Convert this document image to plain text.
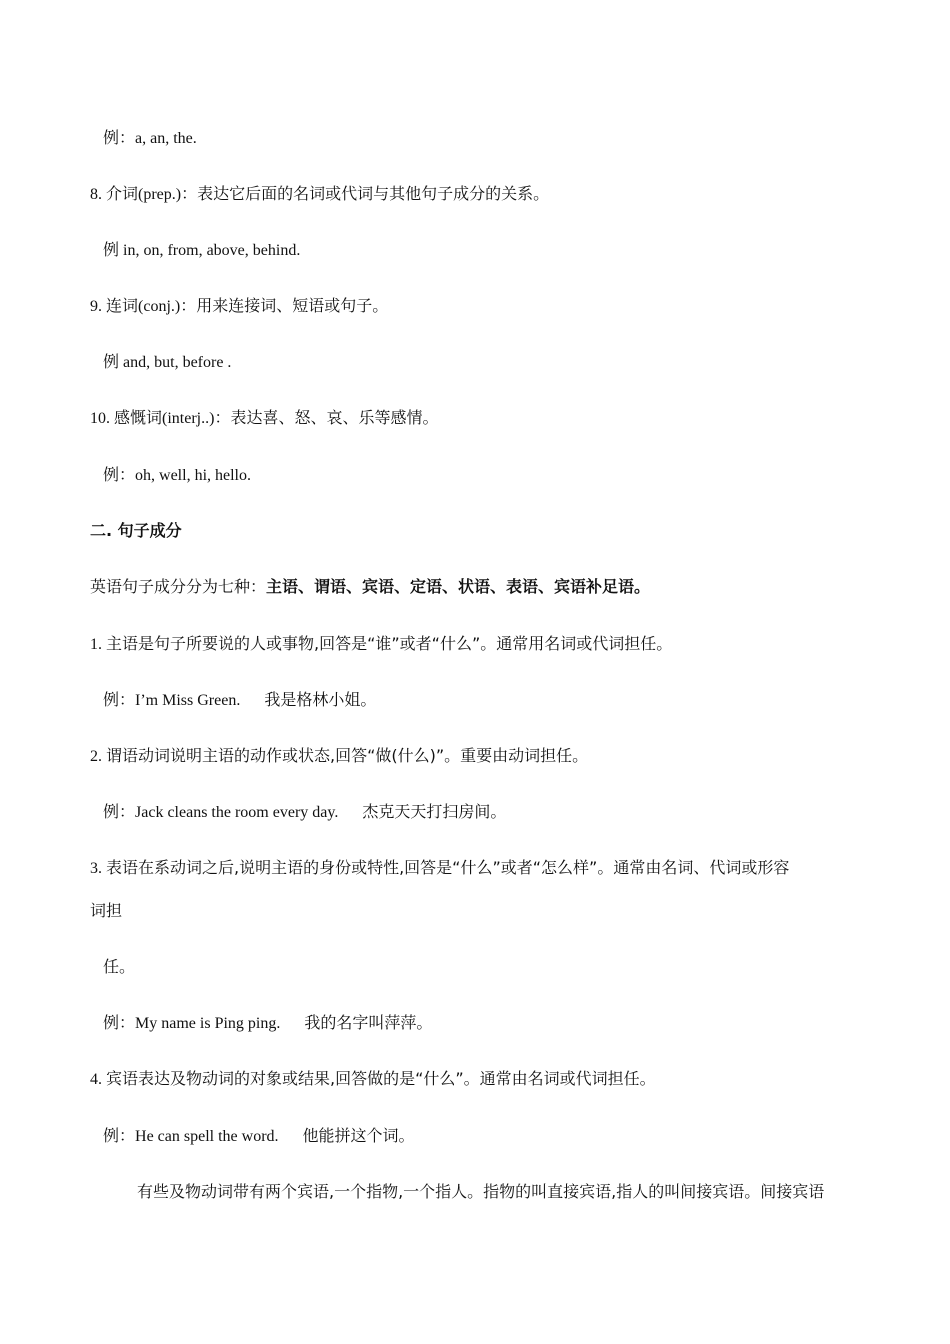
例：a, an, the.
8. 介词(prep.)：表达它后面的名词或代词与其他句子成分的关系。
例 in, on, from, above, behind.
9. 连词(conj.)：用来连接词、短语或句子。
例 and, but, before .
10. 感慨词(interj..)：表达喜、怒、哀、乐等感情。
例：oh, well, hi, hello.
二. 句子成分
英语句子成分分为七种：主语、谓语、宾语、定语、状语、表语、宾语补足语。
1. 主语是句子所要说的人或事物,回答是“谁”或者“什么”。通常用名词或代词担任。
例：I’m Miss Green. 我是格林小姐。
2. 谓语动词说明主语的动作或状态,回答“做(什么)”。重要由动词担任。
例：Jack cleans the room every day. 杰克天天打扫房间。
3. 表语在系动词之后,说明主语的身份或特性,回答是“什么”或者“怎么样”。通常由名词、代词或形容
词担
任。
例：My name is Ping ping. 我的名字叫萍萍。
4. 宾语表达及物动词的对象或结果,回答做的是“什么”。通常由名词或代词担任。
例：He can spell the word. 他能拼这个词。
有些及物动词带有两个宾语,一个指物,一个指人。指物的叫直接宾语,指人的叫间接宾语。间接宾语
